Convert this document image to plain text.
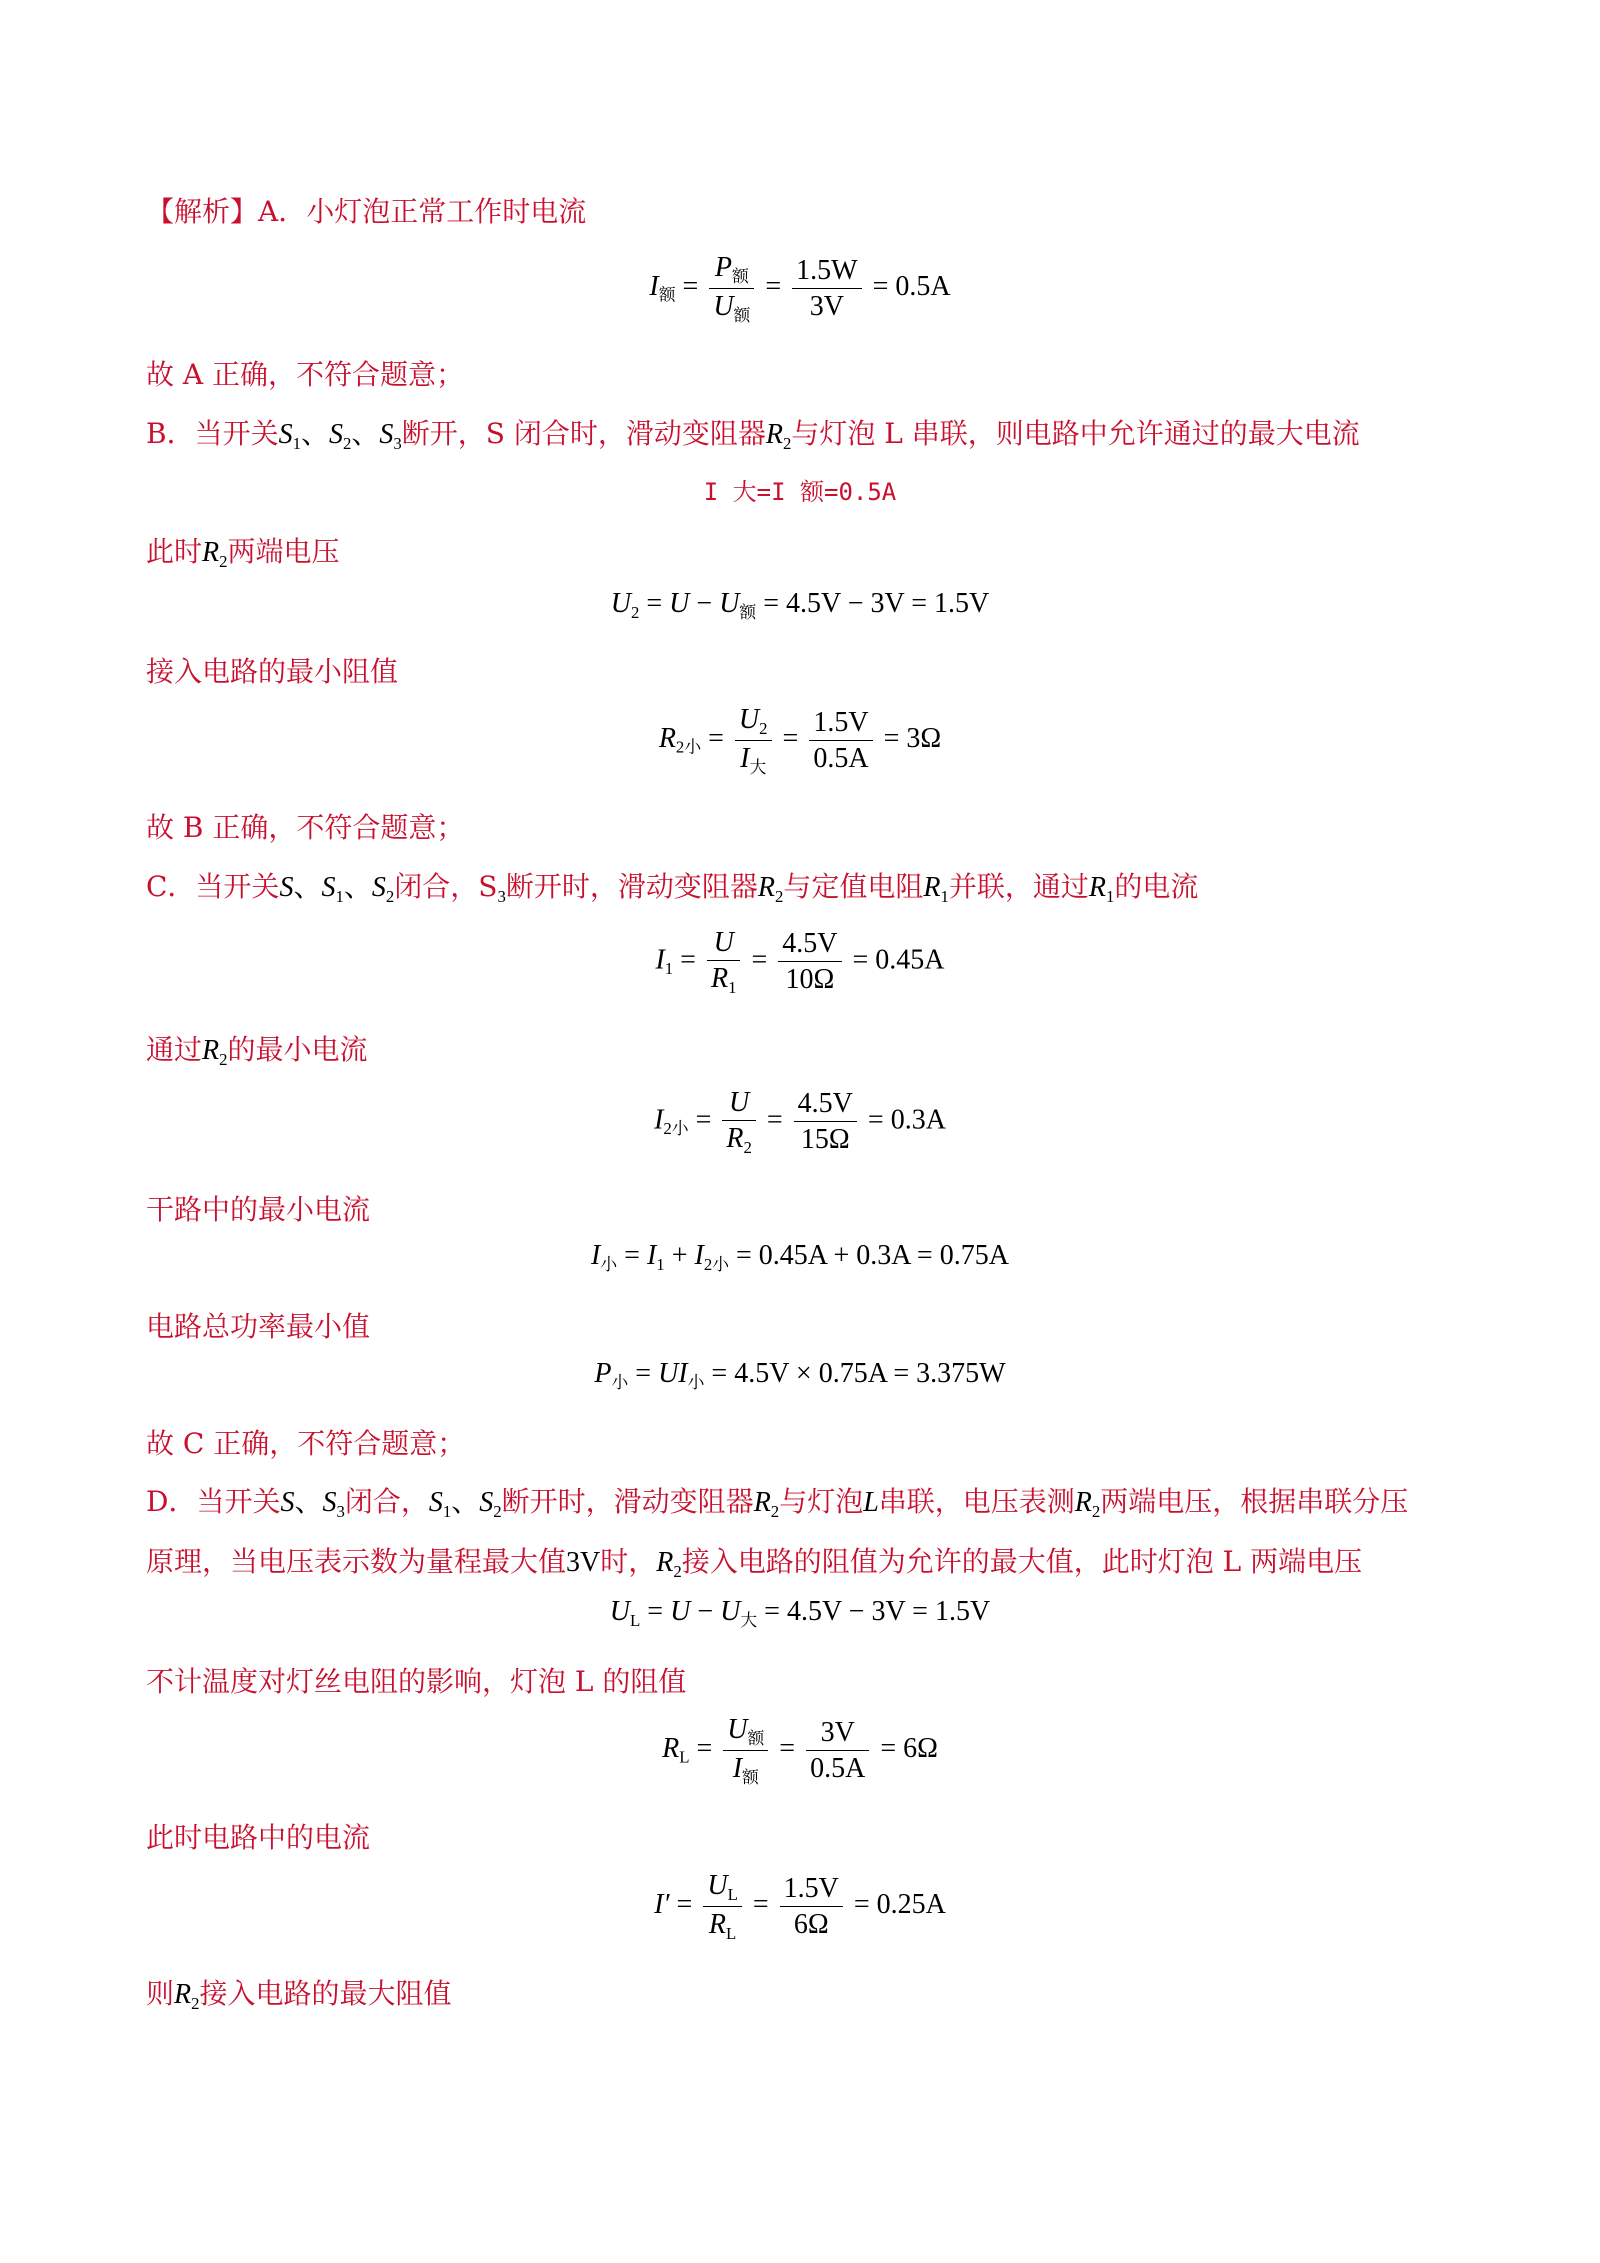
【解析】A．小灯泡正常工作时电流
$I_额 = \frac{P_额}{U_额} = \frac{1.5W}{3V} = 0.5A$
故 A 正确，不符合题意；
B．当开关$S_1$、$S_2$、$S_3$断开，S 闭合时，滑动变阻器$R_2$与灯泡 L 串联，则电路中允许通过的最大电流
I 大=I 额=0.5A
此时$R_2$两端电压
$U_2 = U - U_额 = 4.5V - 3V = 1.5V$
接入电路的最小阻值
$R_{2小} = \frac{U_2}{I_大} = \frac{1.5V}{0.5A} = 3\Omega$
故 B 正确，不符合题意；
C．当开关S、$S_1$、$S_2$闭合，$S_3$断开时，滑动变阻器$R_2$与定值电阻$R_1$并联，通过$R_1$的电流
$I_1 = \frac{U}{R_1} = \frac{4.5V}{10\Omega} = 0.45A$
通过$R_2$的最小电流
$I_{2小} = \frac{U}{R_2} = \frac{4.5V}{15\Omega} = 0.3A$
干路中的最小电流
$I_小 = I_1 + I_{2小} = 0.45A + 0.3A = 0.75A$
电路总功率最小值
$P_小 = UI_小 = 4.5V \times 0.75A = 3.375W$
故 C 正确，不符合题意；
D．当开关S、$S_3$闭合，$S_1$、$S_2$断开时，滑动变阻器$R_2$与灯泡L串联，电压表测$R_2$两端电压，根据串联分压
原理，当电压表示数为量程最大值3V时，$R_2$接入电路的阻值为允许的最大值，此时灯泡 L 两端电压
$U_L = U - U_大 = 4.5V - 3V = 1.5V$
不计温度对灯丝电阻的影响，灯泡 L 的阻值
$R_L = \frac{U_额}{I_额} = \frac{3V}{0.5A} = 6\Omega$
此时电路中的电流
$I' = \frac{U_L}{R_L} = \frac{1.5V}{6\Omega} = 0.25A$
则$R_2$接入电路的最大阻值
